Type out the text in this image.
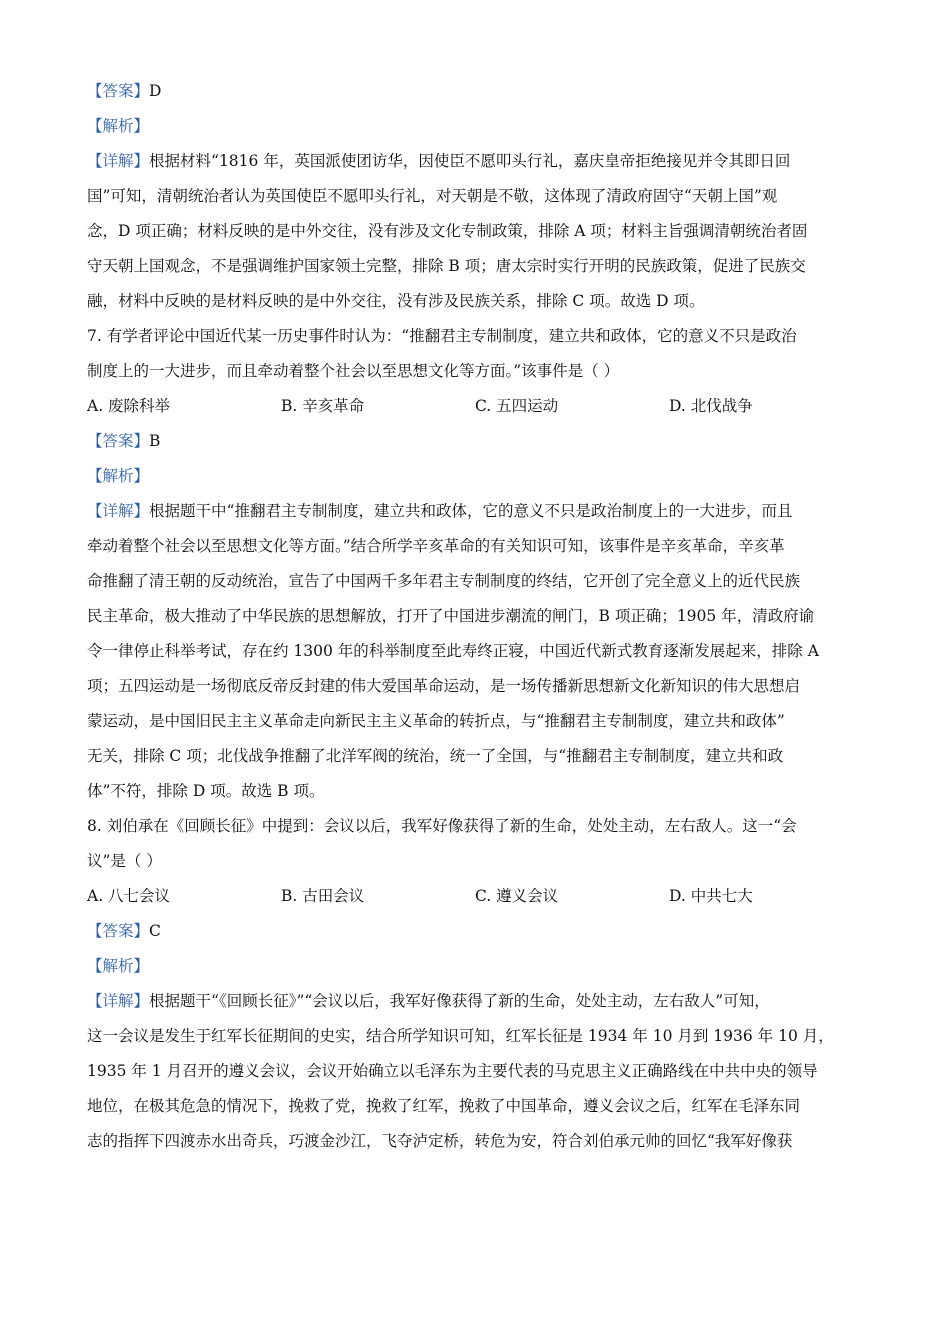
【答案】D
【解析】
【详解】根据材料“1816 年，英国派使团访华，因使臣不愿叩头行礼，嘉庆皇帝拒绝接见并令其即日回
国”可知，清朝统治者认为英国使臣不愿叩头行礼，对天朝是不敬，这体现了清政府固守“天朝上国”观
念，D 项正确；材料反映的是中外交往，没有涉及文化专制政策，排除 A 项；材料主旨强调清朝统治者固
守天朝上国观念，不是强调维护国家领土完整，排除 B 项；唐太宗时实行开明的民族政策，促进了民族交
融，材料中反映的是材料反映的是中外交往，没有涉及民族关系，排除 C 项。故选 D 项。
7. 有学者评论中国近代某一历史事件时认为：“推翻君主专制制度，建立共和政体，它的意义不只是政治
制度上的一大进步，而且牵动着整个社会以至思想文化等方面。”该事件是（ ）
A. 废除科举	B. 辛亥革命	C. 五四运动	D. 北伐战争
【答案】B
【解析】
【详解】根据题干中“推翻君主专制制度，建立共和政体，它的意义不只是政治制度上的一大进步，而且
牵动着整个社会以至思想文化等方面。”结合所学辛亥革命的有关知识可知，该事件是辛亥革命，辛亥革
命推翻了清王朝的反动统治，宣告了中国两千多年君主专制制度的终结，它开创了完全意义上的近代民族
民主革命，极大推动了中华民族的思想解放，打开了中国进步潮流的闸门，B 项正确；1905 年，清政府谕
令一律停止科举考试，存在约 1300 年的科举制度至此寿终正寝，中国近代新式教育逐渐发展起来，排除 A
项；五四运动是一场彻底反帝反封建的伟大爱国革命运动，是一场传播新思想新文化新知识的伟大思想启
蒙运动，是中国旧民主主义革命走向新民主主义革命的转折点，与“推翻君主专制制度，建立共和政体”
无关，排除 C 项；北伐战争推翻了北洋军阀的统治，统一了全国，与“推翻君主专制制度，建立共和政
体”不符，排除 D 项。故选 B 项。
8. 刘伯承在《回顾长征》中提到：会议以后，我军好像获得了新的生命，处处主动，左右敌人。这一“会
议”是（ ）
A. 八七会议	B. 古田会议	C. 遵义会议	D. 中共七大
【答案】C
【解析】
【详解】根据题干“《回顾长征》”“会议以后，我军好像获得了新的生命，处处主动，左右敌人”可知，
这一会议是发生于红军长征期间的史实，结合所学知识可知，红军长征是 1934 年 10 月到 1936 年 10 月，
1935 年 1 月召开的遵义会议，会议开始确立以毛泽东为主要代表的马克思主义正确路线在中共中央的领导
地位，在极其危急的情况下，挽救了党，挽救了红军，挽救了中国革命，遵义会议之后，红军在毛泽东同
志的指挥下四渡赤水出奇兵，巧渡金沙江，飞夺泸定桥，转危为安，符合刘伯承元帅的回忆“我军好像获
